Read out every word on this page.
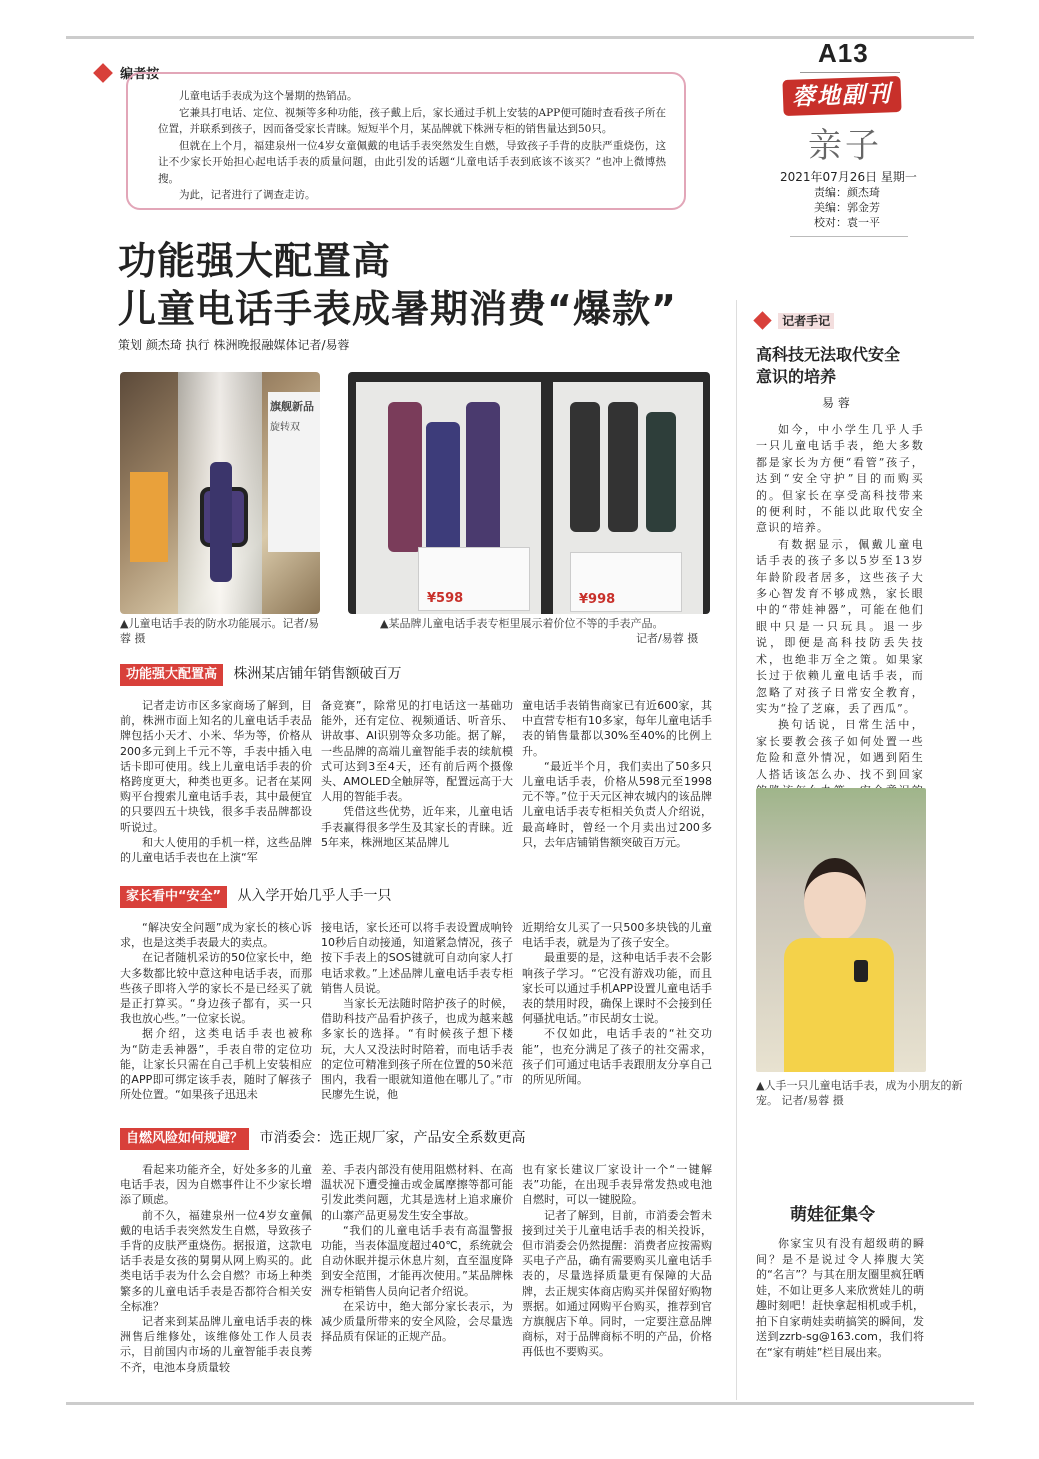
A13
蓉地副刊
亲子
2021年07月26日 星期一
责编：颜杰琦
美编：郭金芳
校对：袁一平
编者按

儿童电话手表成为这个暑期的热销品。

它兼具打电话、定位、视频等多种功能，孩子戴上后，家长通过手机上安装的APP便可随时查看孩子所在位置，并联系到孩子，因而备受家长青睐。短短半个月，某品牌就下株洲专柜的销售量达到50只。

但就在上个月，福建泉州一位4岁女童佩戴的电话手表突然发生自燃，导致孩子手背的皮肤严重烧伤，这让不少家长开始担心起电话手表的质量问题，由此引发的话题“儿童电话手表到底该不该买？”也冲上微博热搜。

为此，记者进行了调查走访。

功能强大配置高
儿童电话手表成暑期消费“爆款”
策划 颜杰琦 执行 株洲晚报融媒体记者/易蓉
旗舰新品
旋转双
▲儿童电话手表的防水功能展示。记者/易蓉 摄
¥598	¥998
▲某品牌儿童电话手表专柜里展示着价位不等的手表产品。
记者/易蓉 摄
功能强大配置高 株洲某店铺年销售额破百万

记者走访市区多家商场了解到，目前，株洲市面上知名的儿童电话手表品牌包括小天才、小米、华为等，价格从200多元到上千元不等，手表中插入电话卡即可使用。线上儿童电话手表的价格跨度更大，种类也更多。记者在某网购平台搜索儿童电话手表，其中最便宜的只要四五十块钱，很多手表品牌都设听说过。

和大人使用的手机一样，这些品牌的儿童电话手表也在上演“军

备竞赛”，除常见的打电话这一基础功能外，还有定位、视频通话、听音乐、讲故事、AI识别等众多功能。据了解，一些品牌的高端儿童智能手表的续航模式可达到3至4天，还有前后两个摄像头、AMOLED全触屏等，配置远高于大人用的智能手表。

凭借这些优势，近年来，儿童电话手表赢得很多学生及其家长的青睐。近5年来，株洲地区某品牌儿

童电话手表销售商家已有近600家，其中直营专柜有10多家，每年儿童电话手表的销售量都以30%至40%的比例上升。

“最近半个月，我们卖出了50多只儿童电话手表，价格从598元至1998元不等。”位于天元区神农城内的该品牌儿童电话手表专柜相关负责人介绍说，最高峰时，曾经一个月卖出过200多只，去年店铺销售额突破百万元。

家长看中“安全” 从入学开始几乎人手一只

“解决安全问题”成为家长的核心诉求，也是这类手表最大的卖点。

在记者随机采访的50位家长中，绝大多数都比较中意这种电话手表，而那些孩子即将入学的家长不是已经买了就是正打算买。“身边孩子都有，买一只我也放心些。”一位家长说。

据介绍，这类电话手表也被称为“防走丢神器”，手表自带的定位功能，让家长只需在自己手机上安装相应的APP即可绑定该手表，随时了解孩子所处位置。“如果孩子迅迅未

接电话，家长还可以将手表设置成响铃10秒后自动接通，知道紧急情况，孩子按下手表上的SOS键就可自动向家人打电话求救。”上述品牌儿童电话手表专柜销售人员说。

当家长无法随时陪护孩子的时候，借助科技产品看护孩子，也成为越来越多家长的选择。“有时候孩子想下楼玩，大人又没法时时陪着，而电话手表的定位可精准到孩子所在位置的50米范围内，我看一眼就知道他在哪儿了。”市民廖先生说，他

近期给女儿买了一只500多块钱的儿童电话手表，就是为了孩子安全。

最重要的是，这种电话手表不会影响孩子学习。“它没有游戏功能，而且家长可以通过手机APP设置儿童电话手表的禁用时段，确保上课时不会接到任何骚扰电话。”市民胡女士说。

不仅如此，电话手表的“社交功能”，也充分满足了孩子的社交需求，孩子们可通过电话手表跟朋友分享自己的所见所闻。

自燃风险如何规避？ 市消委会：选正规厂家，产品安全系数更高

看起来功能齐全，好处多多的儿童电话手表，因为自燃事件让不少家长增添了顾虑。

前不久，福建泉州一位4岁女童佩戴的电话手表突然发生自燃，导致孩子手背的皮肤严重烧伤。据报道，这款电话手表是女孩的舅舅从网上购买的。此类电话手表为什么会自燃？市场上种类繁多的儿童电话手表是否都符合相关安全标准？

记者来到某品牌儿童电话手表的株洲售后维修处，该维修处工作人员表示，目前国内市场的儿童智能手表良莠不齐，电池本身质量较

差、手表内部没有使用阻燃材料、在高温状况下遭受撞击或金属摩擦等都可能引发此类问题，尤其是选材上追求廉价的山寨产品更易发生安全事故。

“我们的儿童电话手表有高温警报功能，当表体温度超过40℃，系统就会自动休眠并提示休息片刻，直至温度降到安全范围，才能再次使用。”某品牌株洲专柜销售人员向记者介绍说。

在采访中，绝大部分家长表示，为减少质量所带来的安全风险，会尽量选择品质有保证的正规产品。

也有家长建议厂家设计一个“一键解表”功能，在出现手表异常发热或电池自燃时，可以一键脱险。

记者了解到，目前，市消委会暂未接到过关于儿童电话手表的相关投诉，但市消委会仍然提醒：消费者应按需购买电子产品，确有需要购买儿童电话手表的，尽量选择质量更有保障的大品牌，去正规实体商店购买并保留好购物票据。如通过网购平台购买，推荐到官方旗舰店下单。同时，一定要注意品牌商标，对于品牌商标不明的产品，价格再低也不要购买。

记者手记
高科技无法取代安全
意识的培养
易 蓉

如今，中小学生几乎人手一只儿童电话手表，绝大多数都是家长为方便“看管”孩子，达到“安全守护”目的而购买的。但家长在享受高科技带来的便利时，不能以此取代安全意识的培养。

有数据显示，佩戴儿童电话手表的孩子多以5岁至13岁年龄阶段者居多，这些孩子大多心智发育不够成熟，家长眼中的“带娃神器”，可能在他们眼中只是一只玩具。退一步说，即便是高科技防丢失技术，也绝非万全之策。如果家长过于依赖儿童电话手表，而忽略了对孩子日常安全教育，实为“捡了芝麻，丢了西瓜”。

换句话说，日常生活中，家长要教会孩子如何处置一些危险和意外情况，如遇到陌生人搭话该怎么办、找不到回家

▲人手一只儿童电话手表，成为小朋友的新宠。 记者/易蓉 摄
萌娃征集令
你家宝贝有没有超级萌的瞬间？是不是说过令人捧腹大笑的“名言”？与其在朋友圈里疯狂晒娃，不如让更多人来欣赏娃儿的萌趣时刻吧！赶快拿起相机或手机，拍下自家萌娃卖萌搞笑的瞬间，发送到zzrb-sg@163.com，我们将在“家有萌娃”栏目展出来。
